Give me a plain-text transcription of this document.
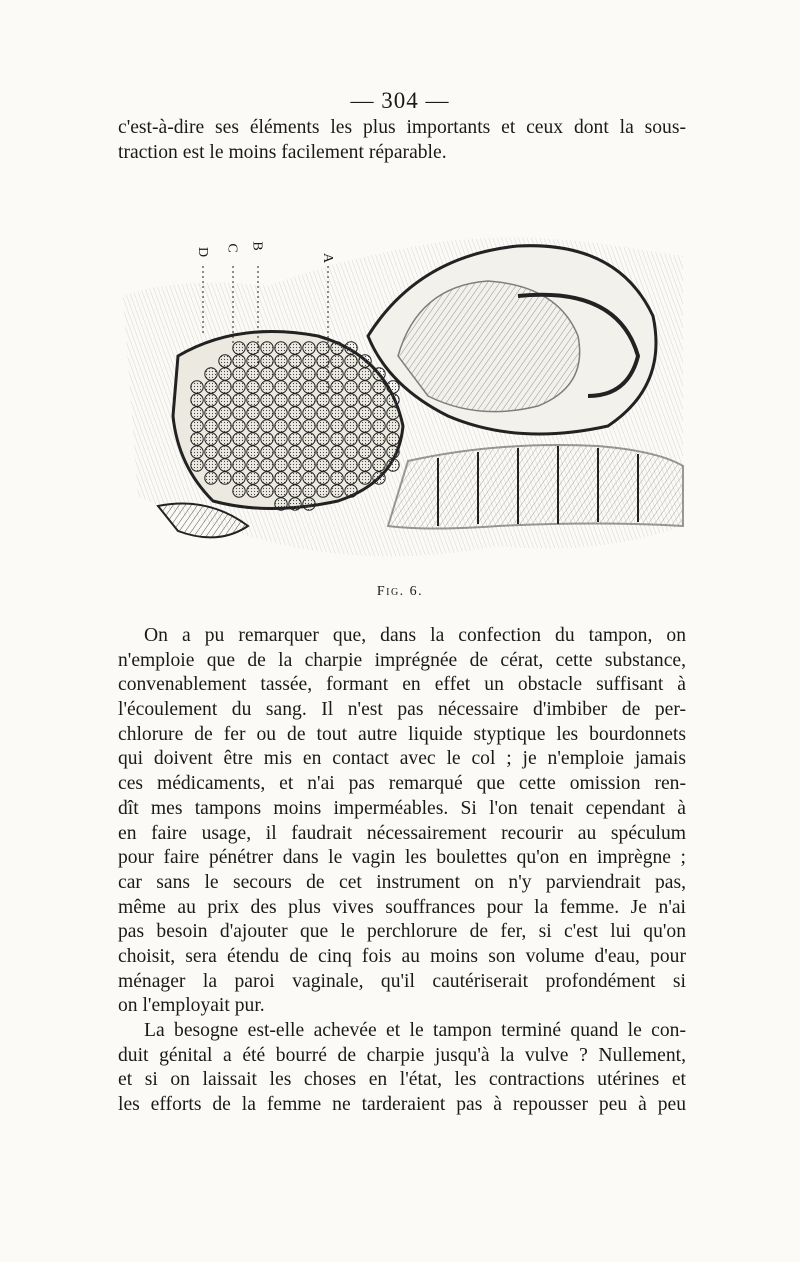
— 304 —
c'est-à-dire ses éléments les plus importants et ceux dont la sous-
traction est le moins facilement réparable.
D C B
A
Fig. 6.
On a pu remarquer que, dans la confection du tampon, on
n'emploie que de la charpie imprégnée de cérat, cette substance,
convenablement tassée, formant en effet un obstacle suffisant à
l'écoulement du sang. Il n'est pas nécessaire d'imbiber de per-
chlorure de fer ou de tout autre liquide styptique les bourdonnets
qui doivent être mis en contact avec le col ; je n'emploie jamais
ces médicaments, et n'ai pas remarqué que cette omission ren-
dît mes tampons moins imperméables. Si l'on tenait cependant à
en faire usage, il faudrait nécessairement recourir au spéculum
pour faire pénétrer dans le vagin les boulettes qu'on en imprègne ;
car sans le secours de cet instrument on n'y parviendrait pas,
même au prix des plus vives souffrances pour la femme. Je n'ai
pas besoin d'ajouter que le perchlorure de fer, si c'est lui qu'on
choisit, sera étendu de cinq fois au moins son volume d'eau, pour
ménager la paroi vaginale, qu'il cautériserait profondément si
on l'employait pur.
La besogne est-elle achevée et le tampon terminé quand le con-
duit génital a été bourré de charpie jusqu'à la vulve ? Nullement,
et si on laissait les choses en l'état, les contractions utérines et
les efforts de la femme ne tarderaient pas à repousser peu à peu
